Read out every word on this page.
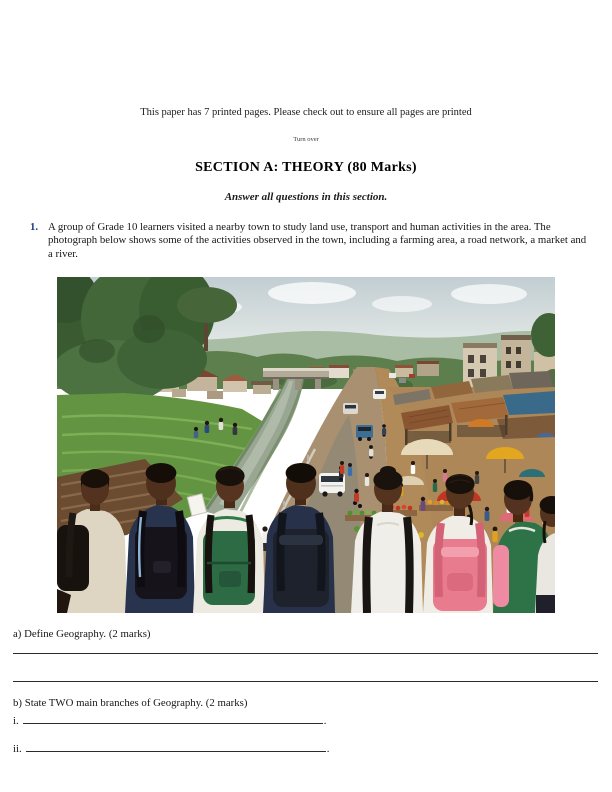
This paper has 7 printed pages. Please check out to ensure all pages are printed
Turn over
SECTION A: THEORY (80 Marks)
Answer all questions in this section.
1. A group of Grade 10 learners visited a nearby town to study land use, transport and human activities in the area. The photograph below shows some of the activities observed in the town, including a farming area, a road network, a market and a river.
a) Define Geography. (2 marks)
b) State TWO main branches of Geography. (2 marks)
i.	.
ii.	.
